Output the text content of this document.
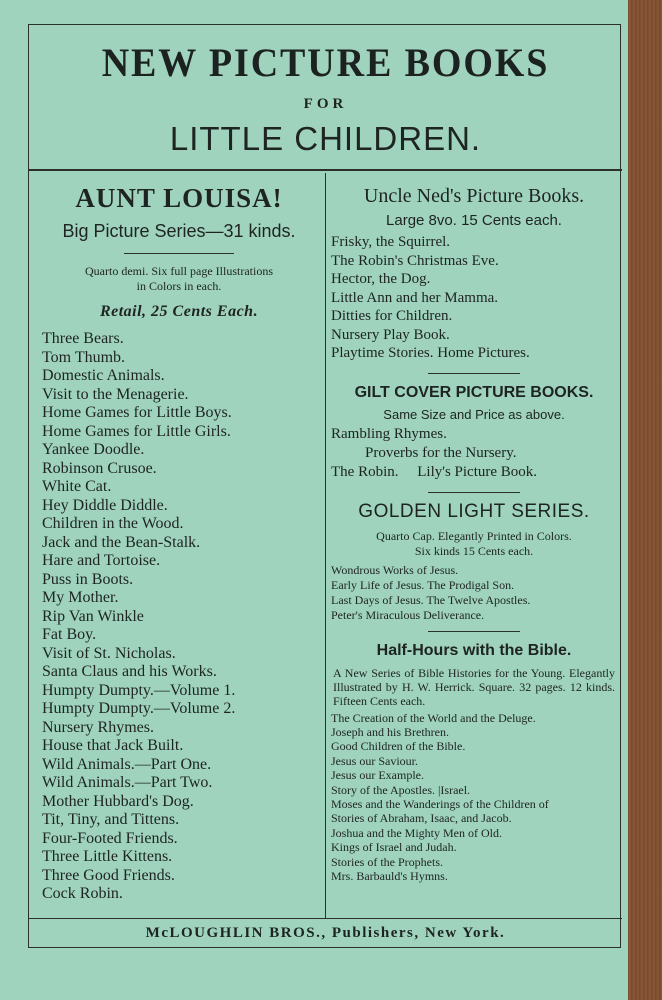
NEW PICTURE BOOKS
FOR
LITTLE CHILDREN.
AUNT LOUISA!
Big Picture Series—31 kinds.
Quarto demi. Six full page Illustrations
in Colors in each.
Retail, 25 Cents Each.
Three Bears.
Tom Thumb.
Domestic Animals.
Visit to the Menagerie.
Home Games for Little Boys.
Home Games for Little Girls.
Yankee Doodle.
Robinson Crusoe.
White Cat.
Hey Diddle Diddle.
Children in the Wood.
Jack and the Bean-Stalk.
Hare and Tortoise.
Puss in Boots.
My Mother.
Rip Van Winkle
Fat Boy.
Visit of St. Nicholas.
Santa Claus and his Works.
Humpty Dumpty.—Volume 1.
Humpty Dumpty.—Volume 2.
Nursery Rhymes.
House that Jack Built.
Wild Animals.—Part One.
Wild Animals.—Part Two.
Mother Hubbard's Dog.
Tit, Tiny, and Tittens.
Four-Footed Friends.
Three Little Kittens.
Three Good Friends.
Cock Robin.
Uncle Ned's Picture Books.
Large 8vo. 15 Cents each.
Frisky, the Squirrel.
The Robin's Christmas Eve.
Hector, the Dog.
Little Ann and her Mamma.
Ditties for Children.
Nursery Play Book.
Playtime Stories. Home Pictures.
GILT COVER PICTURE BOOKS.
Same Size and Price as above.
Rambling Rhymes.
Proverbs for the Nursery.
The Robin.     Lily's Picture Book.
GOLDEN LIGHT SERIES.
Quarto Cap. Elegantly Printed in Colors.
Six kinds 15 Cents each.
Wondrous Works of Jesus.
Early Life of Jesus. The Prodigal Son.
Last Days of Jesus. The Twelve Apostles.
Peter's Miraculous Deliverance.
Half-Hours with the Bible.
A New Series of Bible Histories for the Young. Elegantly Illustrated by H. W. Herrick. Square. 32 pages. 12 kinds. Fifteen Cents each.
The Creation of the World and the Deluge.
Joseph and his Brethren.
Good Children of the Bible.
Jesus our Saviour.
Jesus our Example.
Story of the Apostles. |Israel.
Moses and the Wanderings of the Children of
Stories of Abraham, Isaac, and Jacob.
Joshua and the Mighty Men of Old.
Kings of Israel and Judah.
Stories of the Prophets.
Mrs. Barbauld's Hymns.
McLOUGHLIN BROS., Publishers, New York.
